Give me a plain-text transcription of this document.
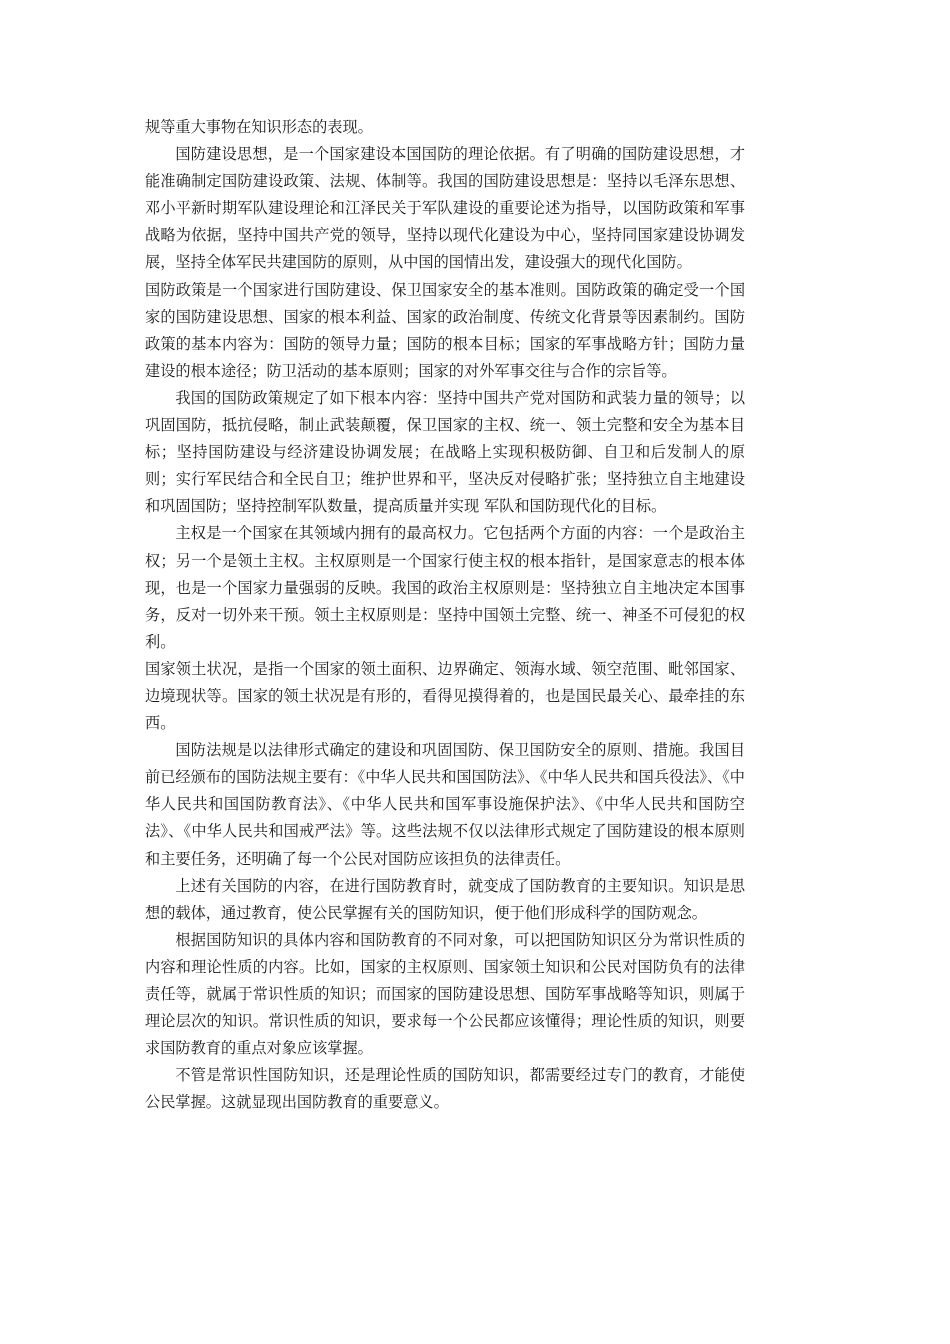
规等重大事物在知识形态的表现。

国防建设思想，是一个国家建设本国国防的理论依据。有了明确的国防建设思想，才能准确制定国防建设政策、法规、体制等。我国的国防建设思想是：坚持以毛泽东思想、邓小平新时期军队建设理论和江泽民关于军队建设的重要论述为指导，以国防政策和军事战略为依据，坚持中国共产党的领导，坚持以现代化建设为中心，坚持同国家建设协调发展，坚持全体军民共建国防的原则，从中国的国情出发，建设强大的现代化国防。

国防政策是一个国家进行国防建设、保卫国家安全的基本准则。国防政策的确定受一个国家的国防建设思想、国家的根本利益、国家的政治制度、传统文化背景等因素制约。国防政策的基本内容为：国防的领导力量；国防的根本目标；国家的军事战略方针；国防力量建设的根本途径；防卫活动的基本原则；国家的对外军事交往与合作的宗旨等。

我国的国防政策规定了如下根本内容：坚持中国共产党对国防和武装力量的领导；以巩固国防，抵抗侵略，制止武装颠覆，保卫国家的主权、统一、领土完整和安全为基本目标；坚持国防建设与经济建设协调发展；在战略上实现积极防御、自卫和后发制人的原则；实行军民结合和全民自卫；维护世界和平，坚决反对侵略扩张；坚持独立自主地建设和巩固国防；坚持控制军队数量，提高质量并实现 军队和国防现代化的目标。

主权是一个国家在其领域内拥有的最高权力。它包括两个方面的内容：一个是政治主权；另一个是领土主权。主权原则是一个国家行使主权的根本指针，是国家意志的根本体现，也是一个国家力量强弱的反映。我国的政治主权原则是：坚持独立自主地决定本国事务，反对一切外来干预。领土主权原则是：坚持中国领土完整、统一、神圣不可侵犯的权利。

国家领土状况，是指一个国家的领土面积、边界确定、领海水域、领空范围、毗邻国家、边境现状等。国家的领土状况是有形的，看得见摸得着的，也是国民最关心、最牵挂的东西。

国防法规是以法律形式确定的建设和巩固国防、保卫国防安全的原则、措施。我国目前已经颁布的国防法规主要有：《中华人民共和国国防法》、《中华人民共和国兵役法》、《中华人民共和国国防教育法》、《中华人民共和国军事设施保护法》、《中华人民共和国防空法》、《中华人民共和国戒严法》等。这些法规不仅以法律形式规定了国防建设的根本原则和主要任务，还明确了每一个公民对国防应该担负的法律责任。

上述有关国防的内容，在进行国防教育时，就变成了国防教育的主要知识。知识是思想的载体，通过教育，使公民掌握有关的国防知识，便于他们形成科学的国防观念。

根据国防知识的具体内容和国防教育的不同对象，可以把国防知识区分为常识性质的内容和理论性质的内容。比如，国家的主权原则、国家领土知识和公民对国防负有的法律责任等，就属于常识性质的知识；而国家的国防建设思想、国防军事战略等知识，则属于理论层次的知识。常识性质的知识，要求每一个公民都应该懂得；理论性质的知识，则要求国防教育的重点对象应该掌握。

不管是常识性国防知识，还是理论性质的国防知识，都需要经过专门的教育，才能使公民掌握。这就显现出国防教育的重要意义。
